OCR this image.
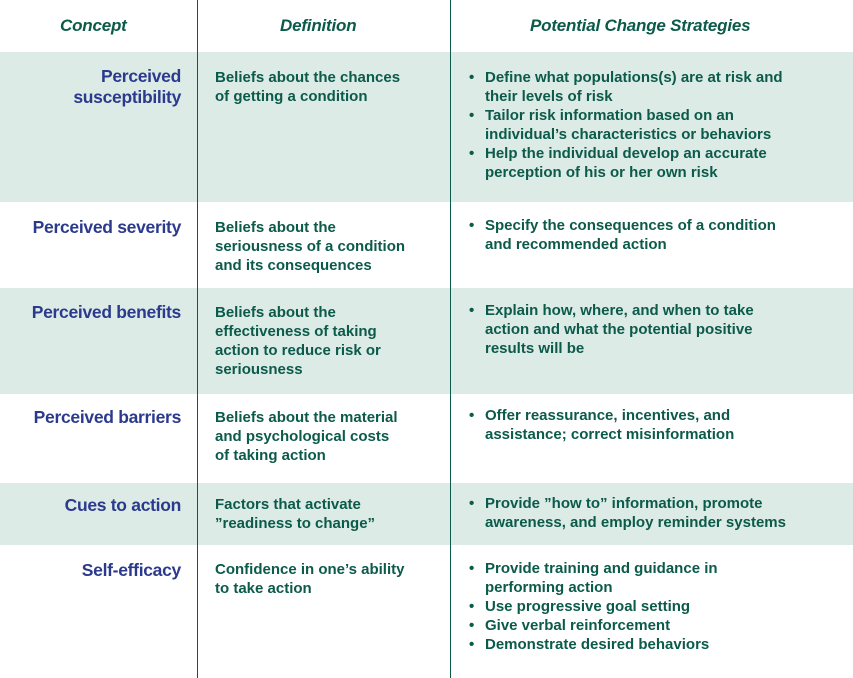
Concept	Definition	Potential Change Strategies
Perceived
susceptibility
Beliefs about the chances
of getting a condition
• Define what populations(s) are at risk and
their levels of risk
• Tailor risk information based on an
individual’s characteristics or behaviors
• Help the individual develop an accurate
perception of his or her own risk
Perceived severity Beliefs about the
seriousness of a condition
and its consequences
• Specify the consequences of a condition
and recommended action
Perceived benefits Beliefs about the
effectiveness of taking
action to reduce risk or
seriousness
• Explain how, where, and when to take
action and what the potential positive
results will be
Perceived barriers Beliefs about the material
and psychological costs
of taking action
• Offer reassurance, incentives, and
assistance; correct misinformation
Cues to action Factors that activate
”readiness to change”
• Provide ”how to” information, promote
awareness, and employ reminder systems
Self-efficacy Confidence in one’s ability
to take action
• Provide training and guidance in
performing action
• Use progressive goal setting
• Give verbal reinforcement
• Demonstrate desired behaviors
